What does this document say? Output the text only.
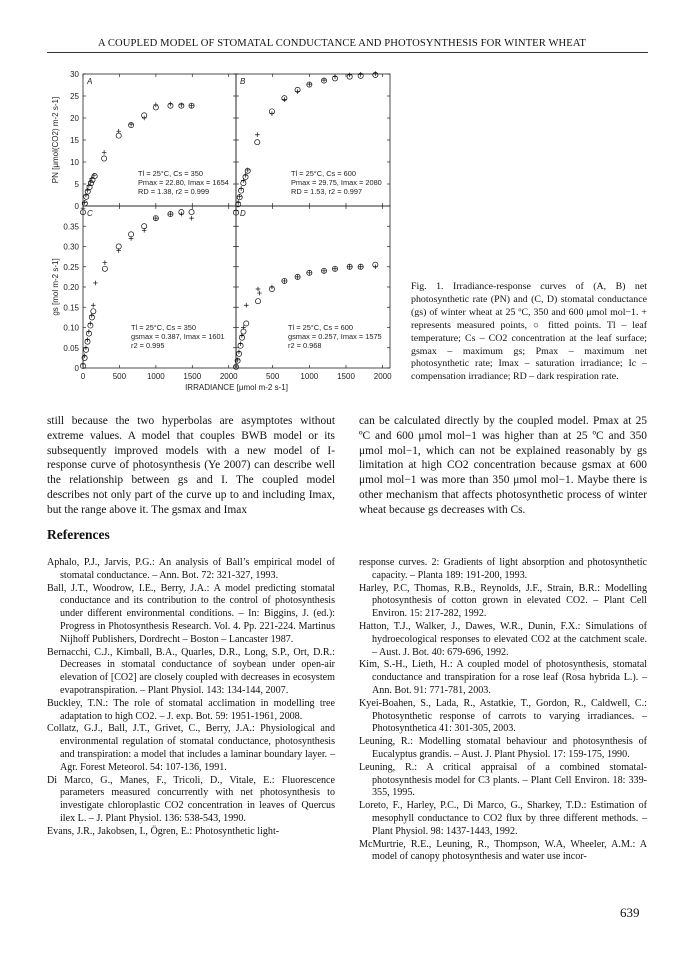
A COUPLED MODEL OF STOMATAL CONDUCTANCE AND PHOTOSYNTHESIS FOR WINTER WHEAT
A
0
5
10
15
20
25
30
Tl = 25°C, Cs = 350
Pmax = 22.80, Imax = 1654
RD = 1.38, r2 = 0.999
PN [μmol(CO2) m-2 s-1]
B
Tl = 25°C, Cs = 600
Pmax = 29.75, Imax = 2080
RD = 1.53, r2 = 0.997
C
0
0.05
0.10
0.15
0.20
0.25
0.30
0.35
0	500	1000 1500 2000
Tl = 25°C, Cs = 350
gsmax = 0.387, Imax = 1601
r2 = 0.995
gs [mol m-2 s-1]
D
500	1000 1500 2000
Tl = 25°C, Cs = 600
gsmax = 0.257, Imax = 1575
r2 = 0.968
IRRADIANCE [μmol m-2 s-1]
Fig. 1. Irradiance-response curves of (A, B) net photosynthetic rate (PN) and (C, D) stomatal conductance (gs) of winter wheat at 25 ºC, 350 and 600 μmol mol−1. + represents measured points, ○ fitted points. Tl – leaf temperature; Cs – CO2 concentration at the leaf surface; gsmax – maximum gs; Pmax – maximum net photosynthetic rate; Imax – saturation irradiance; Ic – compensation irradiance; RD – dark respiration rate.
still because the two hyperbolas are asymptotes without extreme values. A model that couples BWB model or its subsequently improved models with a new model of I-response curve of photosynthesis (Ye 2007) can describe well the relationship between gs and I. The coupled model describes not only part of the curve up to and including Imax, but the range above it. The gsmax and Imax
can be calculated directly by the coupled model. Pmax at 25 ºC and 600 μmol mol−1 was higher than at 25 ºC and 350 μmol mol−1, which can not be explained reasonably by gs limitation at high CO2 concentration because gsmax at 600 μmol mol−1 was more than 350 μmol mol−1. Maybe there is other mechanism that affects photosynthetic process of winter wheat because gs decreases with Cs.
References

Aphalo, P.J., Jarvis, P.G.: An analysis of Ball’s empirical model of stomatal conductance. – Ann. Bot. 72: 321-327, 1993.

Ball, J.T., Woodrow, I.E., Berry, J.A.: A model predicting stomatal conductance and its contribution to the control of photosynthesis under different environmental conditions. – In: Biggins, J. (ed.): Progress in Photosynthesis Research. Vol. 4. Pp. 221-224. Martinus Nijhoff Publishers, Dordrecht – Boston – Lancaster 1987.

Bernacchi, C.J., Kimball, B.A., Quarles, D.R., Long, S.P., Ort, D.R.: Decreases in stomatal conductance of soybean under open-air elevation of [CO2] are closely coupled with decreases in ecosystem evapotranspiration. – Plant Physiol. 143: 134-144, 2007.

Buckley, T.N.: The role of stomatal acclimation in modelling tree adaptation to high CO2. – J. exp. Bot. 59: 1951-1961, 2008.

Collatz, G.J., Ball, J.T., Grivet, C., Berry, J.A.: Physiological and environmental regulation of stomatal conductance, photosynthesis and transpiration: a model that includes a laminar boundary layer. – Agr. Forest Meteorol. 54: 107-136, 1991.

Di Marco, G., Manes, F., Tricoli, D., Vitale, E.: Fluorescence parameters measured concurrently with net photosynthesis to investigate chloroplastic CO2 concentration in leaves of Quercus ilex L. – J. Plant Physiol. 136: 538-543, 1990.

Evans, J.R., Jakobsen, I., Ögren, E.: Photosynthetic light-

response curves. 2: Gradients of light absorption and photosynthetic capacity. – Planta 189: 191-200, 1993.

Harley, P.C, Thomas, R.B., Reynolds, J.F., Strain, B.R.: Modelling photosynthesis of cotton grown in elevated CO2. – Plant Cell Environ. 15: 217-282, 1992.

Hatton, T.J., Walker, J., Dawes, W.R., Dunin, F.X.: Simulations of hydroecological responses to elevated CO2 at the catchment scale. – Aust. J. Bot. 40: 679-696, 1992.

Kim, S.-H., Lieth, H.: A coupled model of photosynthesis, stomatal conductance and transpiration for a rose leaf (Rosa hybrida L.). – Ann. Bot. 91: 771-781, 2003.

Kyei-Boahen, S., Lada, R., Astatkie, T., Gordon, R., Caldwell, C.: Photosynthetic response of carrots to varying irradiances. – Photosynthetica 41: 301-305, 2003.

Leuning, R.: Modelling stomatal behaviour and photosynthesis of Eucalyptus grandis. – Aust. J. Plant Physiol. 17: 159-175, 1990.

Leuning, R.: A critical appraisal of a combined stomatal-photosynthesis model for C3 plants. – Plant Cell Environ. 18: 339-355, 1995.

Loreto, F., Harley, P.C., Di Marco, G., Sharkey, T.D.: Estimation of mesophyll conductance to CO2 flux by three different methods. – Plant Physiol. 98: 1437-1443, 1992.

McMurtrie, R.E., Leuning, R., Thompson, W.A, Wheeler, A.M.: A model of canopy photosynthesis and water use incor-

639
